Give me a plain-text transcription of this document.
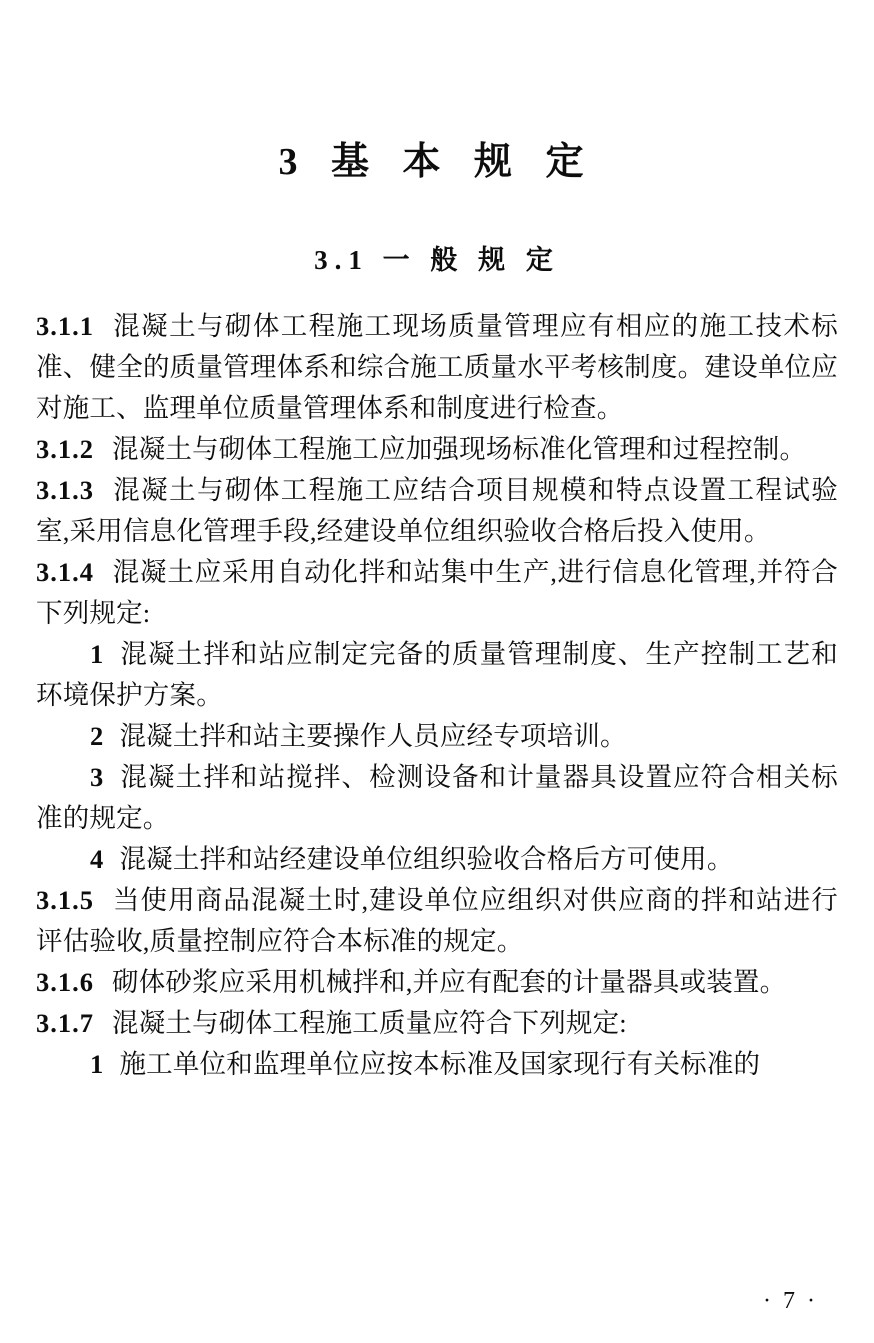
3 基 本 规 定
3.1 一 般 规 定

3.1.1 混凝土与砌体工程施工现场质量管理应有相应的施工技术标准、健全的质量管理体系和综合施工质量水平考核制度。建设单位应对施工、监理单位质量管理体系和制度进行检查。

3.1.2 混凝土与砌体工程施工应加强现场标准化管理和过程控制。

3.1.3 混凝土与砌体工程施工应结合项目规模和特点设置工程试验室,采用信息化管理手段,经建设单位组织验收合格后投入使用。

3.1.4 混凝土应采用自动化拌和站集中生产,进行信息化管理,并符合下列规定:

1 混凝土拌和站应制定完备的质量管理制度、生产控制工艺和环境保护方案。

2 混凝土拌和站主要操作人员应经专项培训。

3 混凝土拌和站搅拌、检测设备和计量器具设置应符合相关标准的规定。

4 混凝土拌和站经建设单位组织验收合格后方可使用。

3.1.5 当使用商品混凝土时,建设单位应组织对供应商的拌和站进行评估验收,质量控制应符合本标准的规定。

3.1.6 砌体砂浆应采用机械拌和,并应有配套的计量器具或装置。

3.1.7 混凝土与砌体工程施工质量应符合下列规定:

1 施工单位和监理单位应按本标准及国家现行有关标准的

· 7 ·
